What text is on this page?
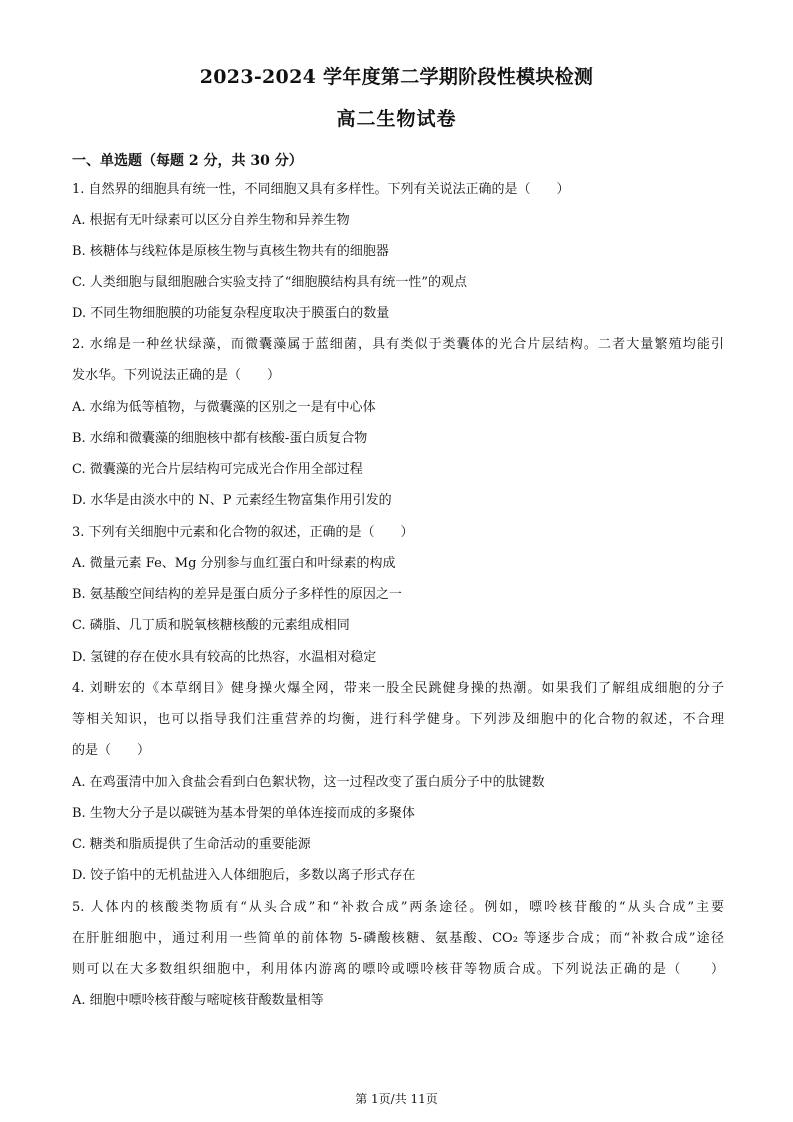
2023-2024 学年度第二学期阶段性模块检测
高二生物试卷
一、单选题（每题 2 分，共 30 分）
1. 自然界的细胞具有统一性，不同细胞又具有多样性。下列有关说法正确的是（　　）
A. 根据有无叶绿素可以区分自养生物和异养生物
B. 核糖体与线粒体是原核生物与真核生物共有的细胞器
C. 人类细胞与鼠细胞融合实验支持了“细胞膜结构具有统一性”的观点
D. 不同生物细胞膜的功能复杂程度取决于膜蛋白的数量
2. 水绵是一种丝状绿藻，而微囊藻属于蓝细菌，具有类似于类囊体的光合片层结构。二者大量繁殖均能引
发水华。下列说法正确的是（　　）
A. 水绵为低等植物，与微囊藻的区别之一是有中心体
B. 水绵和微囊藻的细胞核中都有核酸-蛋白质复合物
C. 微囊藻的光合片层结构可完成光合作用全部过程
D. 水华是由淡水中的 N、P 元素经生物富集作用引发的
3. 下列有关细胞中元素和化合物的叙述，正确的是（　　）
A. 微量元素 Fe、Mg 分别参与血红蛋白和叶绿素的构成
B. 氨基酸空间结构的差异是蛋白质分子多样性的原因之一
C. 磷脂、几丁质和脱氧核糖核酸的元素组成相同
D. 氢键的存在使水具有较高的比热容，水温相对稳定
4. 刘畊宏的《本草纲目》健身操火爆全网，带来一股全民跳健身操的热潮。如果我们了解组成细胞的分子
等相关知识，也可以指导我们注重营养的均衡，进行科学健身。下列涉及细胞中的化合物的叙述，不合理
的是（　　）
A. 在鸡蛋清中加入食盐会看到白色絮状物，这一过程改变了蛋白质分子中的肽键数
B. 生物大分子是以碳链为基本骨架的单体连接而成的多聚体
C. 糖类和脂质提供了生命活动的重要能源
D. 饺子馅中的无机盐进入人体细胞后，多数以离子形式存在
5. 人体内的核酸类物质有“从头合成”和“补救合成”两条途径。例如，嘌呤核苷酸的“从头合成”主要
在肝脏细胞中，通过利用一些简单的前体物 5-磷酸核糖、氨基酸、CO₂ 等逐步合成；而“补救合成”途径
则可以在大多数组织细胞中，利用体内游离的嘌呤或嘌呤核苷等物质合成。下列说法正确的是（　　）
A. 细胞中嘌呤核苷酸与嘧啶核苷酸数量相等
第 1页/共 11页
